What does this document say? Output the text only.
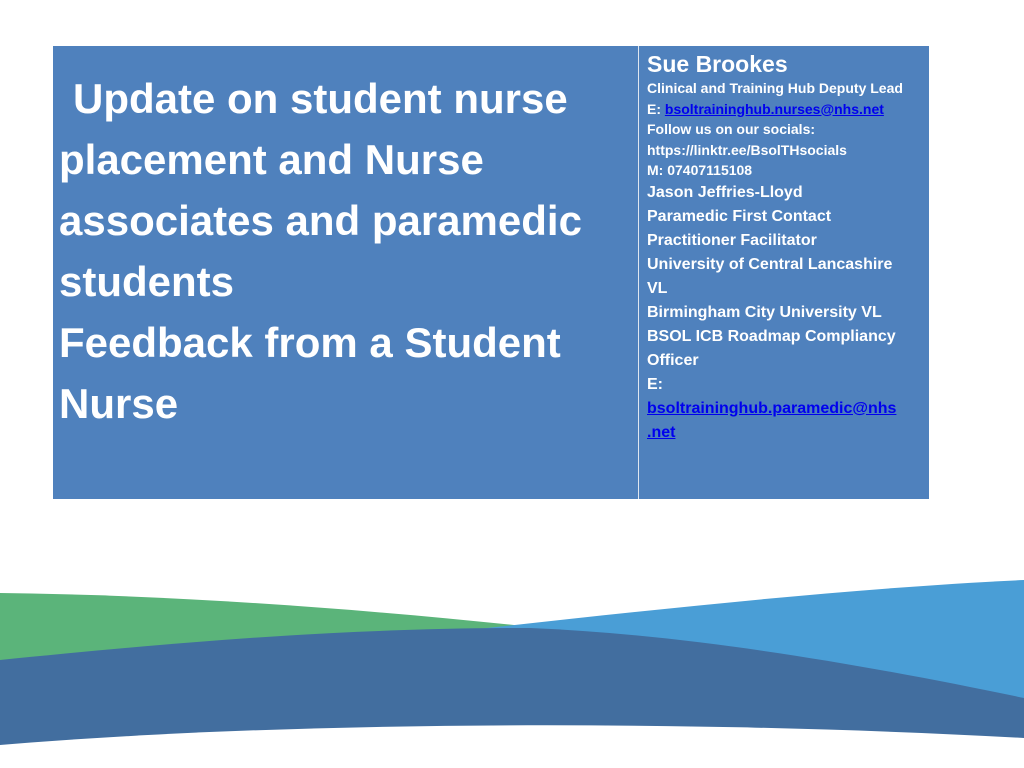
Update on student nurse
placement and Nurse
associates and paramedic
students
Feedback from a Student
Nurse
Sue Brookes
Clinical and Training Hub Deputy Lead
E: bsoltraininghub.nurses@nhs.net
Follow us on our socials:
https://linktr.ee/BsolTHsocials
M: 07407115108
Jason Jeffries-Lloyd
Paramedic First Contact
Practitioner Facilitator
University of Central Lancashire
VL
Birmingham City University VL
BSOL ICB Roadmap Compliancy
Officer
E:
bsoltraininghub.paramedic@nhs
.net
